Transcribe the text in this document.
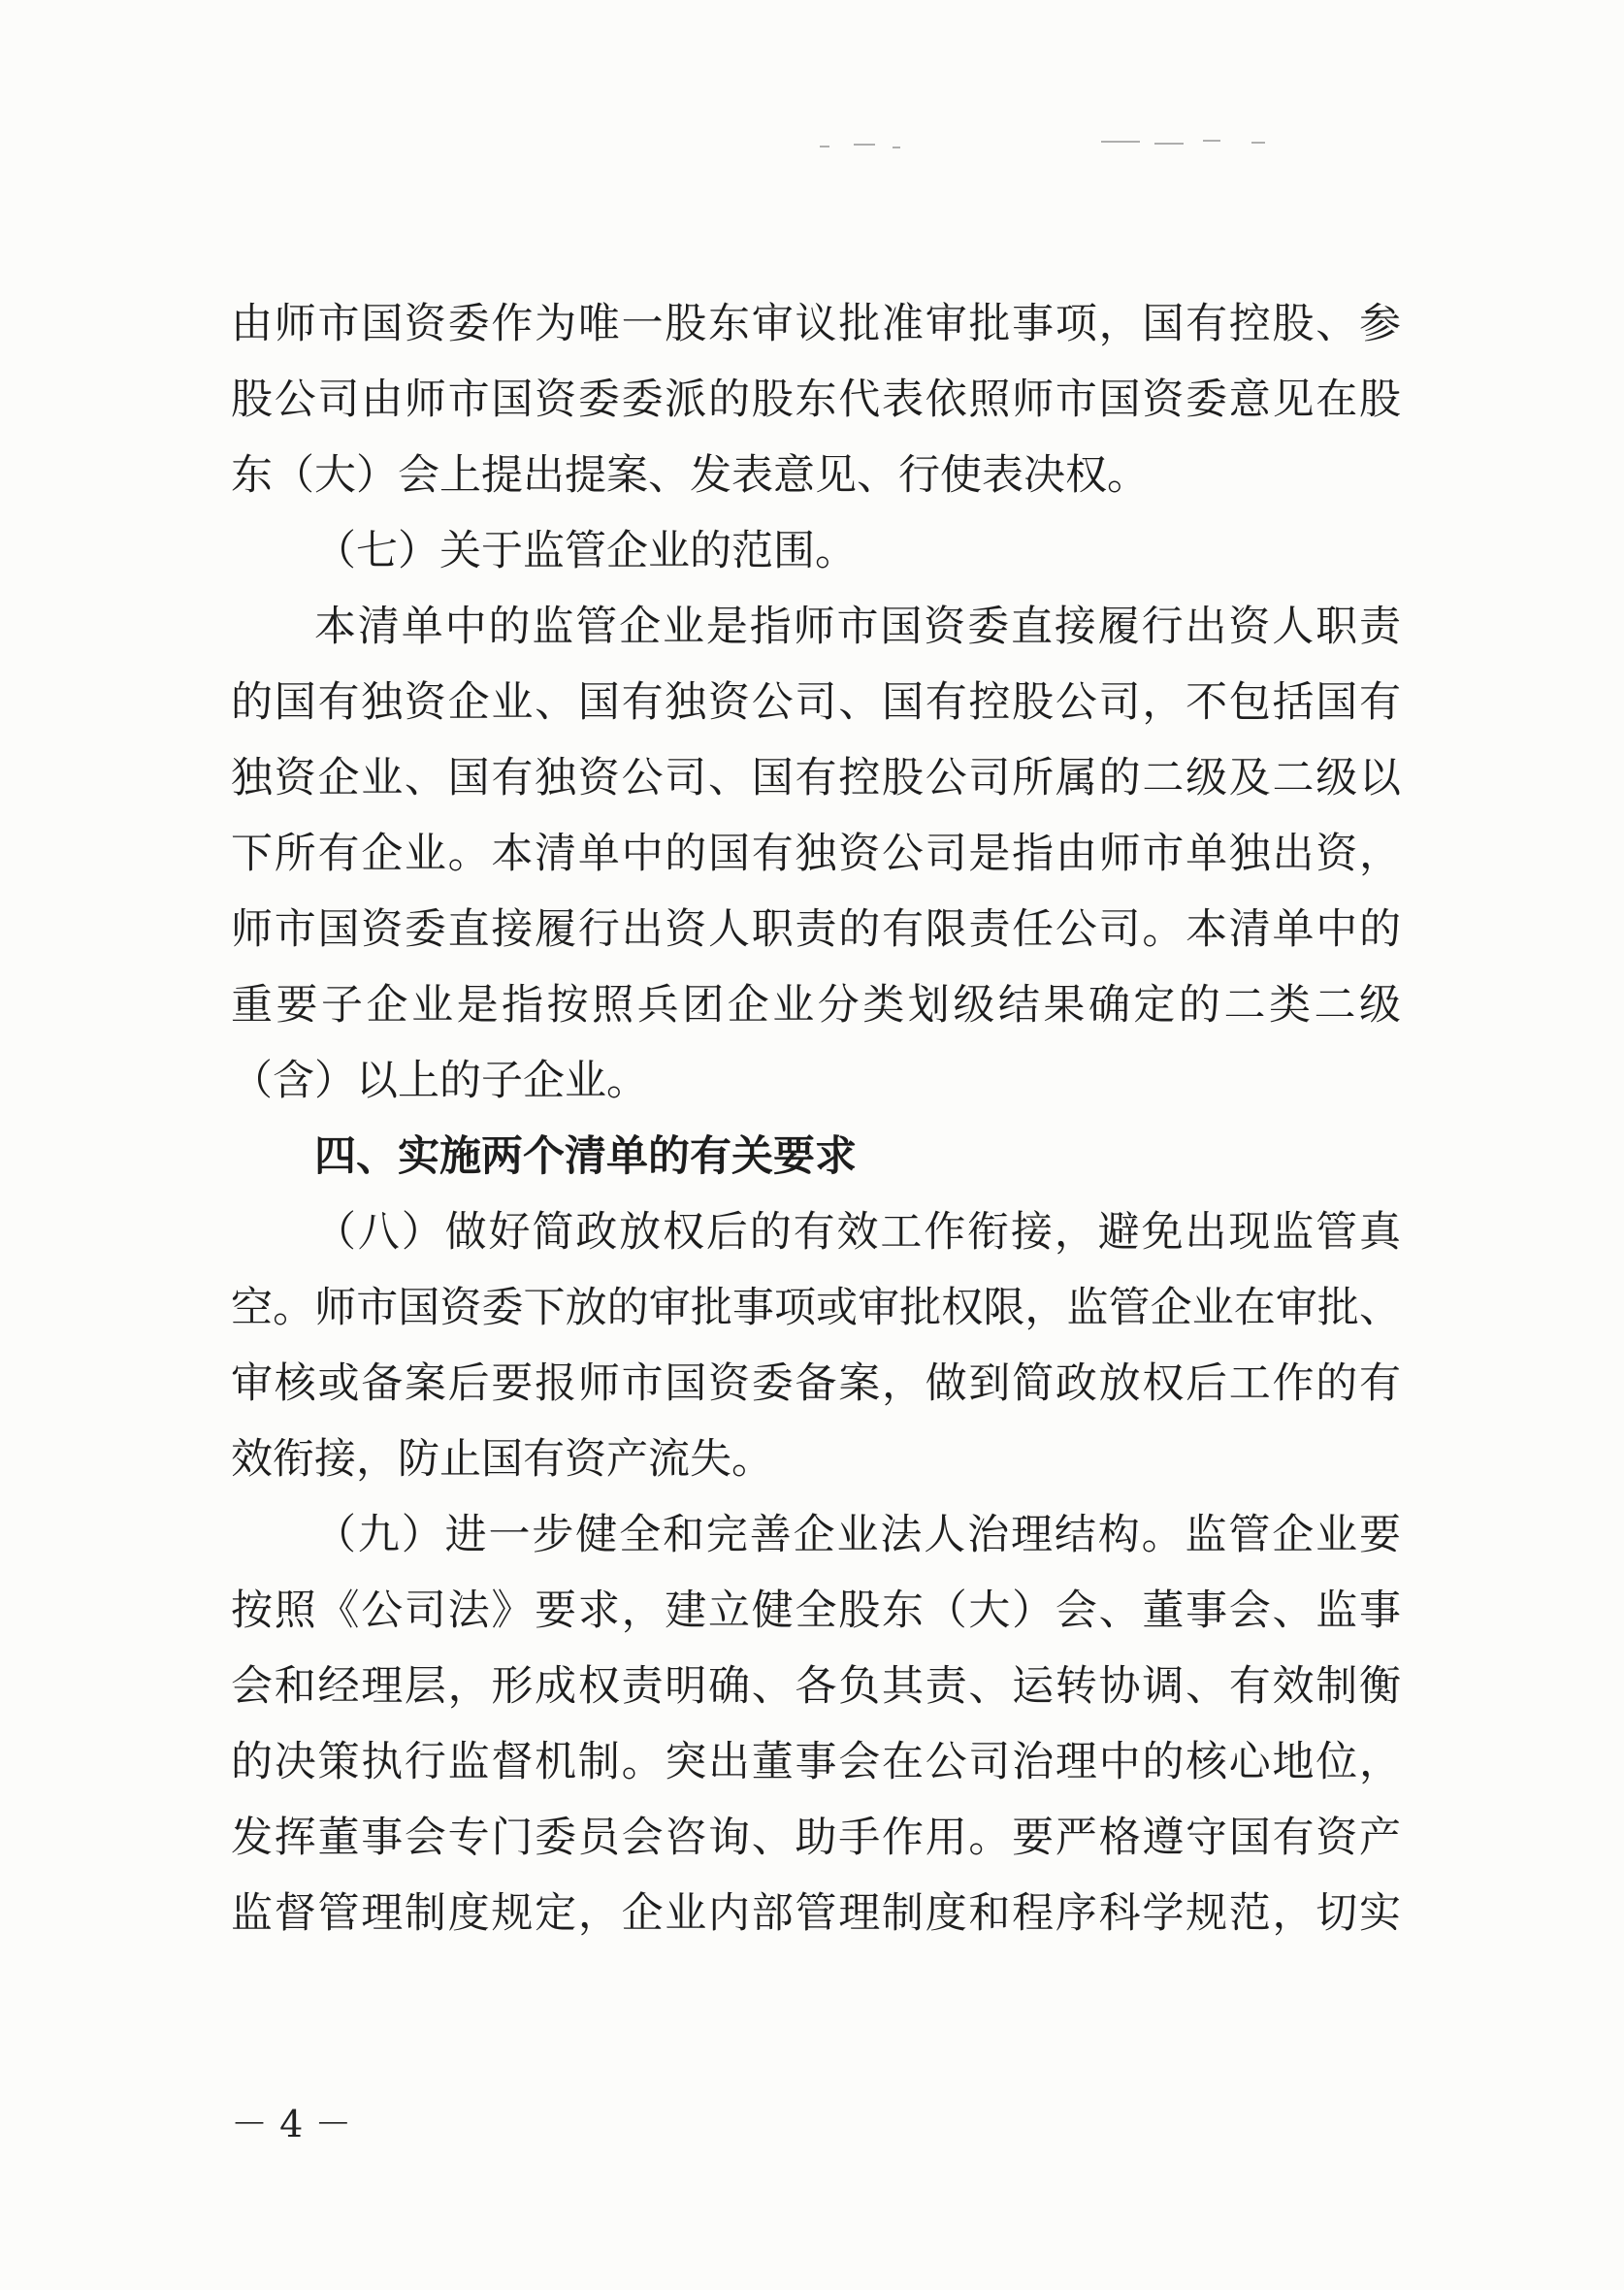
由师市国资委作为唯一股东审议批准审批事项，国有控股、参

股公司由师市国资委委派的股东代表依照师市国资委意见在股

东（大）会上提出提案、发表意见、行使表决权。

（七）关于监管企业的范围。

本清单中的监管企业是指师市国资委直接履行出资人职责

的国有独资企业、国有独资公司、国有控股公司，不包括国有

独资企业、国有独资公司、国有控股公司所属的二级及二级以

下所有企业。本清单中的国有独资公司是指由师市单独出资，

师市国资委直接履行出资人职责的有限责任公司。本清单中的

重要子企业是指按照兵团企业分类划级结果确定的二类二级

（含）以上的子企业。

四、实施两个清单的有关要求

（八）做好简政放权后的有效工作衔接，避免出现监管真

空。师市国资委下放的审批事项或审批权限，监管企业在审批、

审核或备案后要报师市国资委备案，做到简政放权后工作的有

效衔接，防止国有资产流失。

（九）进一步健全和完善企业法人治理结构。监管企业要

按照《公司法》要求，建立健全股东（大）会、董事会、监事

会和经理层，形成权责明确、各负其责、运转协调、有效制衡

的决策执行监督机制。突出董事会在公司治理中的核心地位，

发挥董事会专门委员会咨询、助手作用。要严格遵守国有资产

监督管理制度规定，企业内部管理制度和程序科学规范，切实

－ 4 －
